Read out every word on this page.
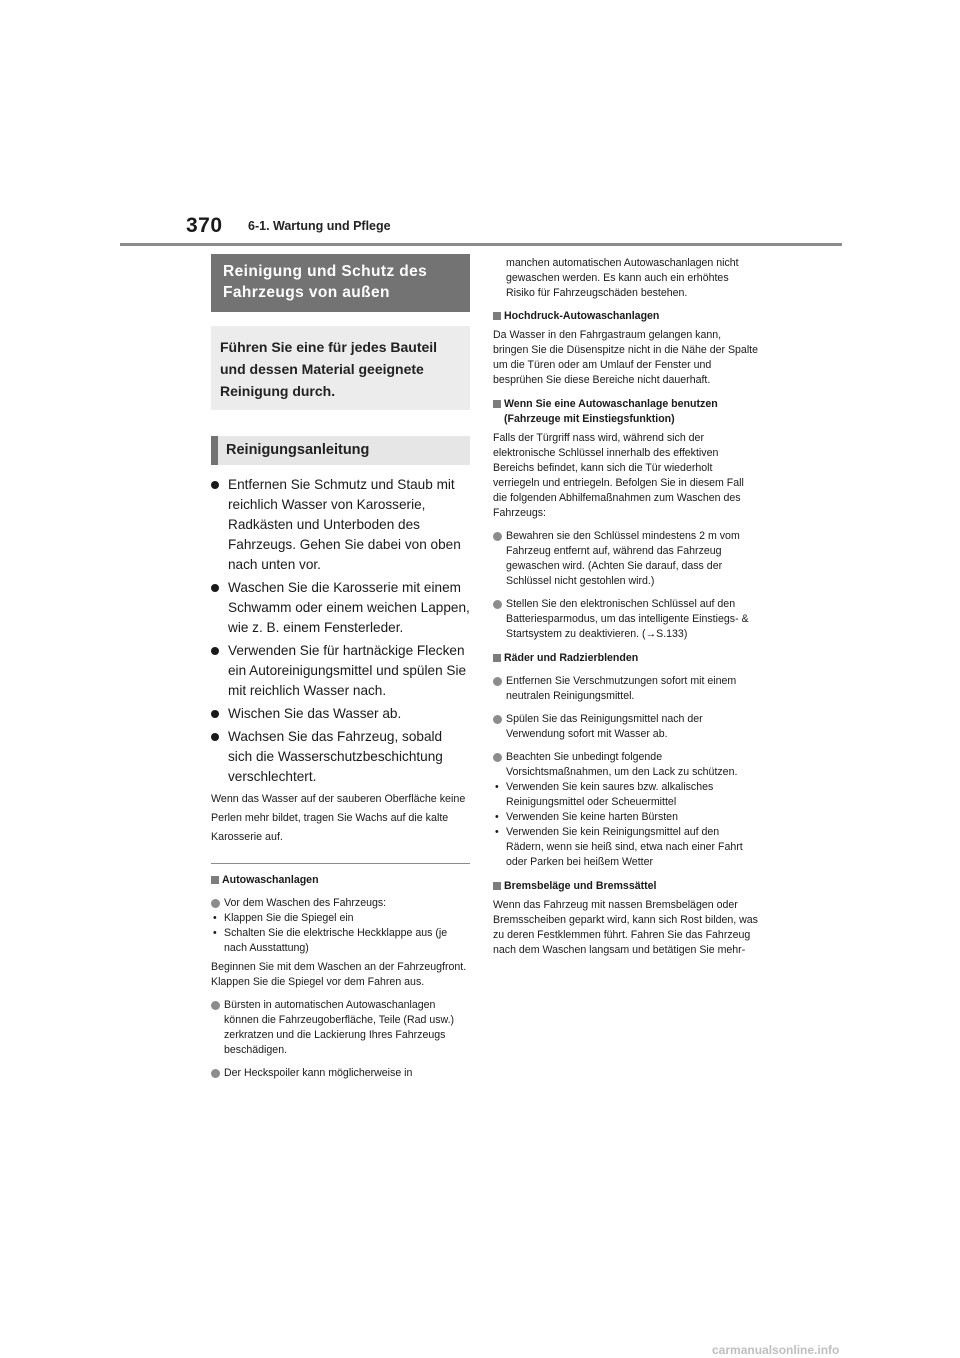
370 6-1. Wartung und Pflege
Reinigung und Schutz des Fahrzeugs von außen
Führen Sie eine für jedes Bauteil und dessen Material geeignete Reinigung durch.
Reinigungsanleitung
Entfernen Sie Schmutz und Staub mit reichlich Wasser von Karosserie, Radkästen und Unterboden des Fahrzeugs. Gehen Sie dabei von oben nach unten vor.
Waschen Sie die Karosserie mit einem Schwamm oder einem weichen Lappen, wie z. B. einem Fensterleder.
Verwenden Sie für hartnäckige Flecken ein Autoreinigungsmittel und spülen Sie mit reichlich Wasser nach.
Wischen Sie das Wasser ab.
Wachsen Sie das Fahrzeug, sobald sich die Wasserschutzbeschichtung verschlechtert.
Wenn das Wasser auf der sauberen Oberfläche keine Perlen mehr bildet, tragen Sie Wachs auf die kalte Karosserie auf.
Autowaschanlagen
Vor dem Waschen des Fahrzeugs:
• Klappen Sie die Spiegel ein
• Schalten Sie die elektrische Heckklappe aus (je nach Ausstattung)
Beginnen Sie mit dem Waschen an der Fahrzeugfront. Klappen Sie die Spiegel vor dem Fahren aus.
Bürsten in automatischen Autowaschanlagen können die Fahrzeugoberfläche, Teile (Rad usw.) zerkratzen und die Lackierung Ihres Fahrzeugs beschädigen.
Der Heckspoiler kann möglicherweise in
manchen automatischen Autowaschanlagen nicht gewaschen werden. Es kann auch ein erhöhtes Risiko für Fahrzeugschäden bestehen.
Hochdruck-Autowaschanlagen
Da Wasser in den Fahrgastraum gelangen kann, bringen Sie die Düsenspitze nicht in die Nähe der Spalte um die Türen oder am Umlauf der Fenster und besprühen Sie diese Bereiche nicht dauerhaft.
Wenn Sie eine Autowaschanlage benutzen (Fahrzeuge mit Einstiegsfunktion)
Falls der Türgriff nass wird, während sich der elektronische Schlüssel innerhalb des effektiven Bereichs befindet, kann sich die Tür wiederholt verriegeln und entriegeln. Befolgen Sie in diesem Fall die folgenden Abhilfemaßnahmen zum Waschen des Fahrzeugs:
Bewahren sie den Schlüssel mindestens 2 m vom Fahrzeug entfernt auf, während das Fahrzeug gewaschen wird. (Achten Sie darauf, dass der Schlüssel nicht gestohlen wird.)
Stellen Sie den elektronischen Schlüssel auf den Batteriesparmodus, um das intelligente Einstiegs- & Startsystem zu deaktivieren. (→S.133)
Räder und Radzierblenden
Entfernen Sie Verschmutzungen sofort mit einem neutralen Reinigungsmittel.
Spülen Sie das Reinigungsmittel nach der Verwendung sofort mit Wasser ab.
Beachten Sie unbedingt folgende Vorsichtsmaßnahmen, um den Lack zu schützen.
• Verwenden Sie kein saures bzw. alkalisches Reinigungsmittel oder Scheuermittel
• Verwenden Sie keine harten Bürsten
• Verwenden Sie kein Reinigungsmittel auf den Rädern, wenn sie heiß sind, etwa nach einer Fahrt oder Parken bei heißem Wetter
Bremsbeläge und Bremssättel
Wenn das Fahrzeug mit nassen Bremsbelägen oder Bremsscheiben geparkt wird, kann sich Rost bilden, was zu deren Festklemmen führt. Fahren Sie das Fahrzeug nach dem Waschen langsam und betätigen Sie mehr-
carmanualsonline.info
